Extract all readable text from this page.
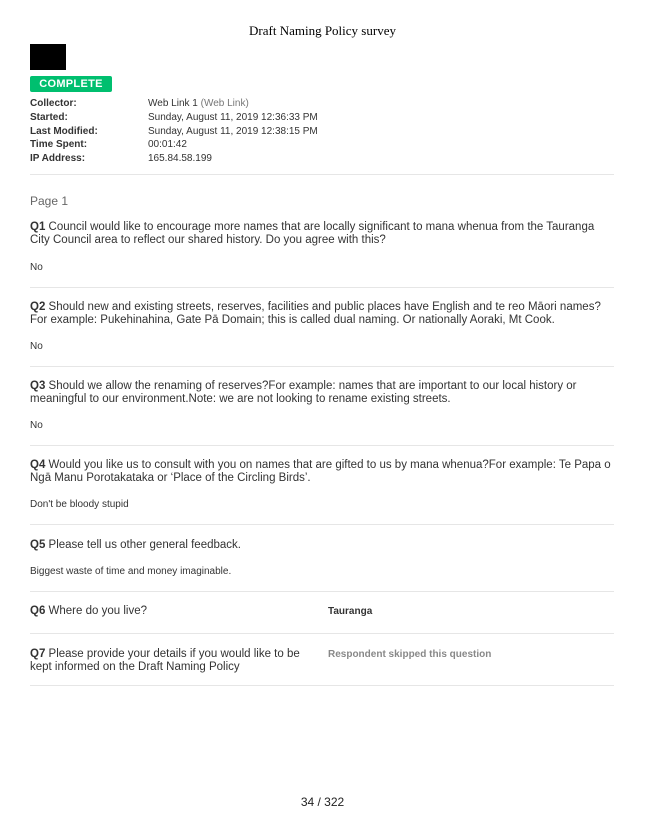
Draft Naming Policy survey
COMPLETE
Collector:	Web Link 1 (Web Link)
Started:	Sunday, August 11, 2019 12:36:33 PM
Last Modified:	Sunday, August 11, 2019 12:38:15 PM
Time Spent:	00:01:42
IP Address:	165.84.58.199
Page 1
Q1 Council would like to encourage more names that are locally significant to mana whenua from the Tauranga City Council area to reflect our shared history. Do you agree with this?
No
Q2 Should new and existing streets, reserves, facilities and public places have English and te reo Māori names?For example: Pukehinahina, Gate Pā Domain; this is called dual naming. Or nationally Aoraki, Mt Cook.
No
Q3 Should we allow the renaming of reserves?For example: names that are important to our local history or meaningful to our environment.Note: we are not looking to rename existing streets.
No
Q4 Would you like us to consult with you on names that are gifted to us by mana whenua?For example: Te Papa o Ngā Manu Porotakataka or ‘Place of the Circling Birds’.
Don't be bloody stupid
Q5 Please tell us other general feedback.
Biggest waste of time and money imaginable.
Q6 Where do you live?	Tauranga
Q7 Please provide your details if you would like to be kept informed on the Draft Naming Policy
Respondent skipped this question
34 / 322
